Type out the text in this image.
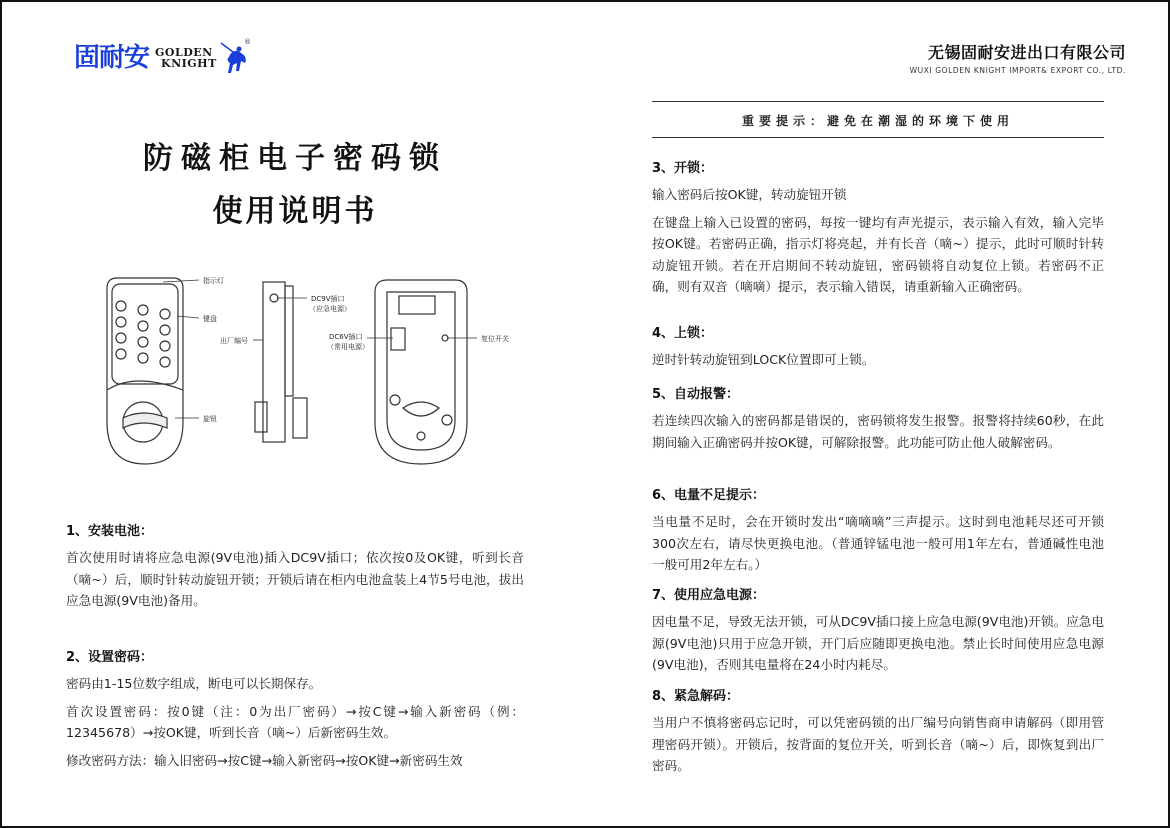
固耐安 GOLDEN
KNIGHT
®
无锡固耐安进出口有限公司
WUXI GOLDEN KNIGHT IMPORT& EXPORT CO., LTD.
防磁柜电子密码锁
使用说明书
指示灯
键盘
旋钮
出厂编号
DC9V插口
（应急电源）
DC6V插口
（常用电源）
复位开关
1、安装电池：

首次使用时请将应急电源(9V电池)插入DC9V插口；依次按0及OK键，听到长音（嘀~）后，顺时针转动旋钮开锁；开锁后请在柜内电池盒装上4节5号电池，拔出应急电源(9V电池)备用。

2、设置密码：

密码由1-15位数字组成，断电可以长期保存。

首次设置密码：按0键（注：0为出厂密码）→按C键→输入新密码（例：12345678）→按OK键，听到长音（嘀~）后新密码生效。

修改密码方法：输入旧密码→按C键→输入新密码→按OK键→新密码生效

重要提示：避免在潮湿的环境下使用
3、开锁：

输入密码后按OK键，转动旋钮开锁

在键盘上输入已设置的密码，每按一键均有声光提示，表示输入有效，输入完毕按OK键。若密码正确，指示灯将亮起，并有长音（嘀~）提示，此时可顺时针转动旋钮开锁。若在开启期间不转动旋钮，密码锁将自动复位上锁。若密码不正确，则有双音（嘀嘀）提示，表示输入错误，请重新输入正确密码。

4、上锁：

逆时针转动旋钮到LOCK位置即可上锁。

5、自动报警：

若连续四次输入的密码都是错误的，密码锁将发生报警。报警将持续60秒，在此期间输入正确密码并按OK键，可解除报警。此功能可防止他人破解密码。

6、电量不足提示：

当电量不足时，会在开锁时发出“嘀嘀嘀”三声提示。这时到电池耗尽还可开锁300次左右，请尽快更换电池。（普通锌锰电池一般可用1年左右，普通碱性电池一般可用2年左右。）

7、使用应急电源：

因电量不足，导致无法开锁，可从DC9V插口接上应急电源(9V电池)开锁。应急电源(9V电池)只用于应急开锁，开门后应随即更换电池。禁止长时间使用应急电源(9V电池)，否则其电量将在24小时内耗尽。

8、紧急解码：

当用户不慎将密码忘记时，可以凭密码锁的出厂编号向销售商申请解码（即用管理密码开锁）。开锁后，按背面的复位开关，听到长音（嘀~）后，即恢复到出厂密码。
